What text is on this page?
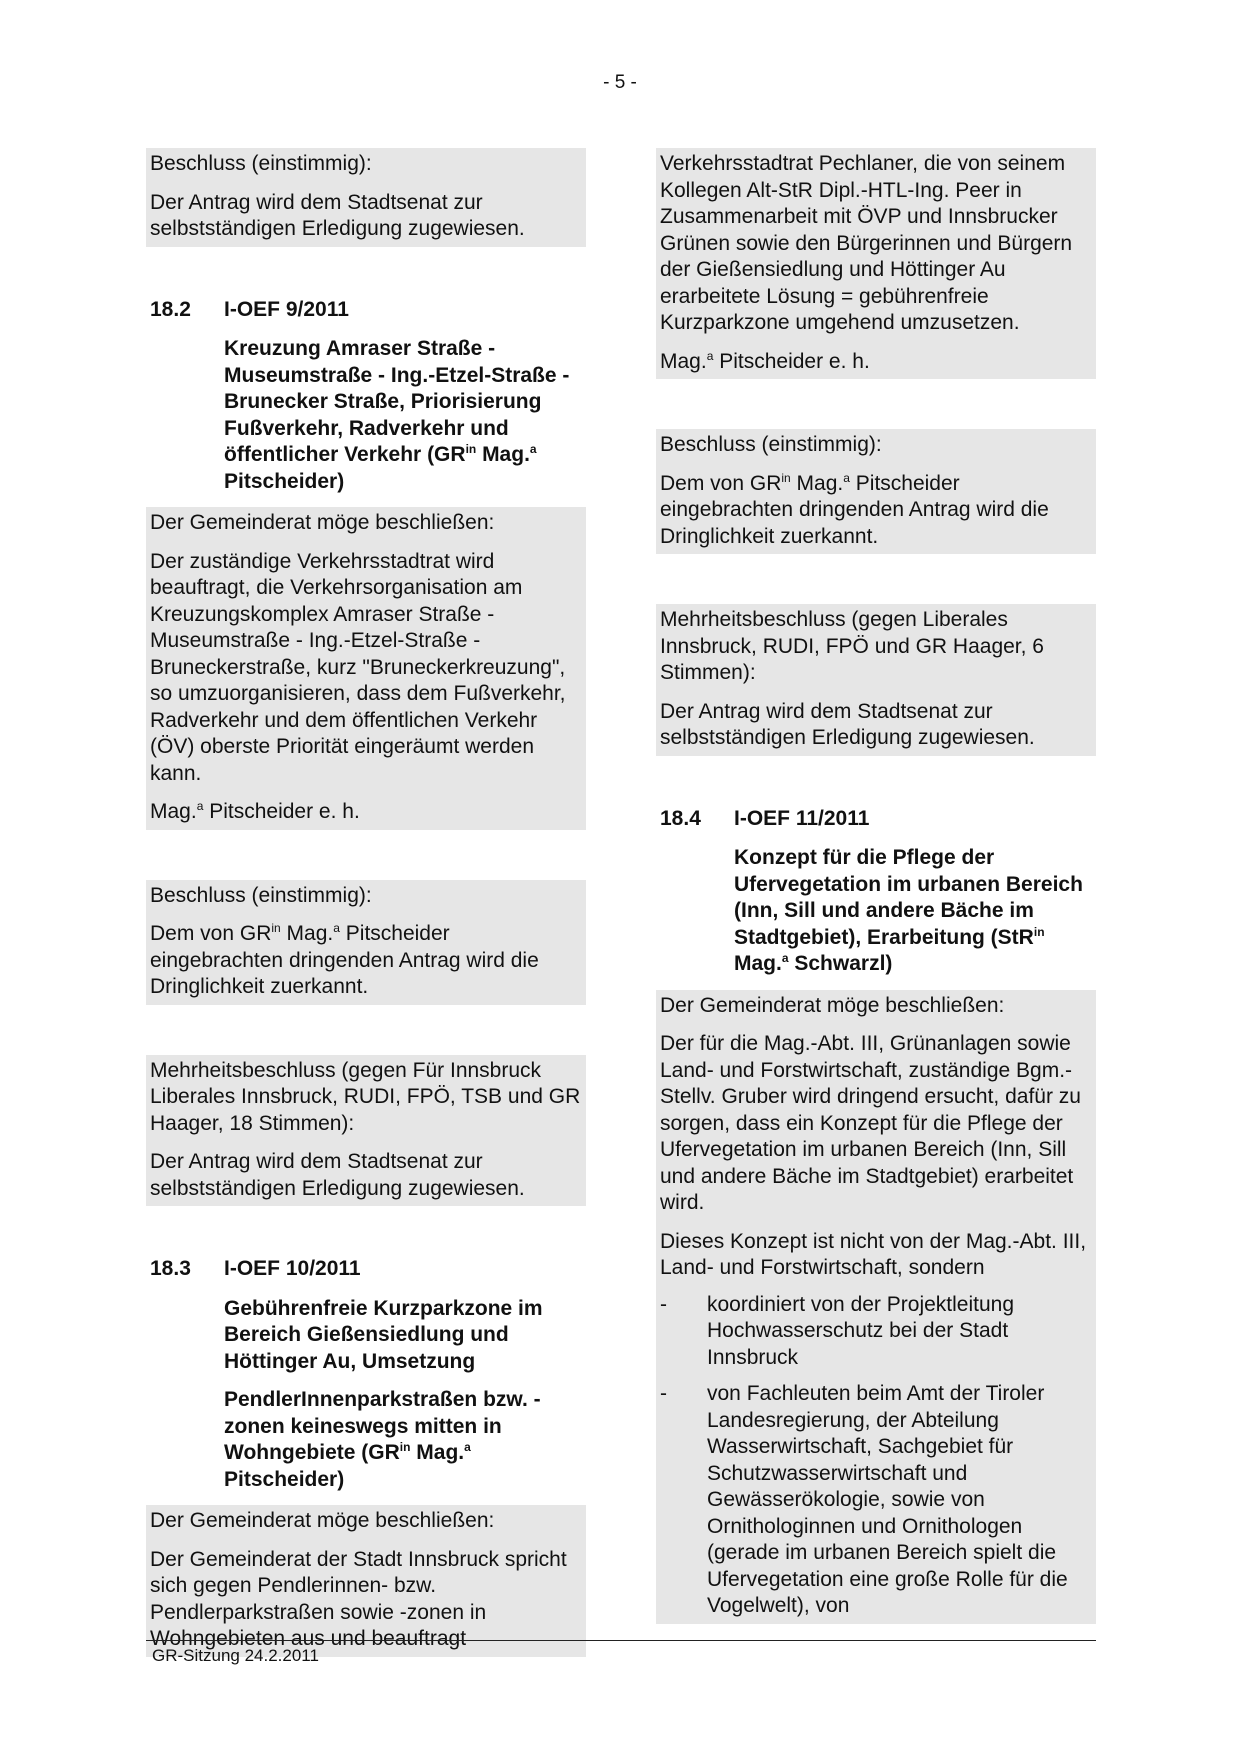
- 5 -

Beschluss (einstimmig):

Der Antrag wird dem Stadtsenat zur selbstständigen Erledigung zugewiesen.

18.2	I-OEF 9/2011
Kreuzung Amraser Straße - Museumstraße - Ing.-Etzel-Straße - Brunecker Straße, Priorisierung Fußverkehr, Radverkehr und öffentlicher Verkehr ($GR^{in}$ Mag.$^a$ Pitscheider)

Der Gemeinderat möge beschließen:

Der zuständige Verkehrsstadtrat wird beauftragt, die Verkehrsorganisation am Kreuzungskomplex Amraser Straße - Museumstraße - Ing.-Etzel-Straße - Bruneckerstraße, kurz "Bruneckerkreuzung", so umzuorganisieren, dass dem Fußverkehr, Radverkehr und dem öffentlichen Verkehr (ÖV) oberste Priorität eingeräumt werden kann.

Mag.$^a$ Pitscheider e. h.

Beschluss (einstimmig):

Dem von $GR^{in}$ Mag.$^a$ Pitscheider eingebrachten dringenden Antrag wird die Dringlichkeit zuerkannt.

Mehrheitsbeschluss (gegen Für Innsbruck Liberales Innsbruck, RUDI, FPÖ, TSB und GR Haager, 18 Stimmen):

Der Antrag wird dem Stadtsenat zur selbstständigen Erledigung zugewiesen.

18.3	I-OEF 10/2011
Gebührenfreie Kurzparkzone im Bereich Gießensiedlung und Höttinger Au, Umsetzung
PendlerInnenparkstraßen bzw. -zonen keineswegs mitten in Wohngebiete ($GR^{in}$ Mag.$^a$ Pitscheider)

Der Gemeinderat möge beschließen:

Der Gemeinderat der Stadt Innsbruck spricht sich gegen Pendlerinnen- bzw. Pendlerparkstraßen sowie -zonen in Wohngebieten aus und beauftragt

Verkehrsstadtrat Pechlaner, die von seinem Kollegen Alt-StR Dipl.-HTL-Ing. Peer in Zusammenarbeit mit ÖVP und Innsbrucker Grünen sowie den Bürgerinnen und Bürgern der Gießensiedlung und Höttinger Au erarbeitete Lösung = gebührenfreie Kurzparkzone umgehend umzusetzen.

Mag.$^a$ Pitscheider e. h.

Beschluss (einstimmig):

Dem von $GR^{in}$ Mag.$^a$ Pitscheider eingebrachten dringenden Antrag wird die Dringlichkeit zuerkannt.

Mehrheitsbeschluss (gegen Liberales Innsbruck, RUDI, FPÖ und GR Haager, 6 Stimmen):

Der Antrag wird dem Stadtsenat zur selbstständigen Erledigung zugewiesen.

18.4	I-OEF 11/2011
Konzept für die Pflege der Ufervegetation im urbanen Bereich (Inn, Sill und andere Bäche im Stadtgebiet), Erarbeitung (StR$^{in}$ Mag.$^a$ Schwarzl)

Der Gemeinderat möge beschließen:

Der für die Mag.-Abt. III, Grünanlagen sowie Land- und Forstwirtschaft, zuständige Bgm.-Stellv. Gruber wird dringend ersucht, dafür zu sorgen, dass ein Konzept für die Pflege der Ufervegetation im urbanen Bereich (Inn, Sill und andere Bäche im Stadtgebiet) erarbeitet wird.

Dieses Konzept ist nicht von der Mag.-Abt. III, Land- und Forstwirtschaft, sondern

-	koordiniert von der Projektleitung Hochwasserschutz bei der Stadt Innsbruck
-	von Fachleuten beim Amt der Tiroler Landesregierung, der Abteilung Wasserwirtschaft, Sachgebiet für Schutzwasserwirtschaft und Gewässerökologie, sowie von Ornithologinnen und Ornithologen (gerade im urbanen Bereich spielt die Ufervegetation eine große Rolle für die Vogelwelt), von
GR-Sitzung 24.2.2011
